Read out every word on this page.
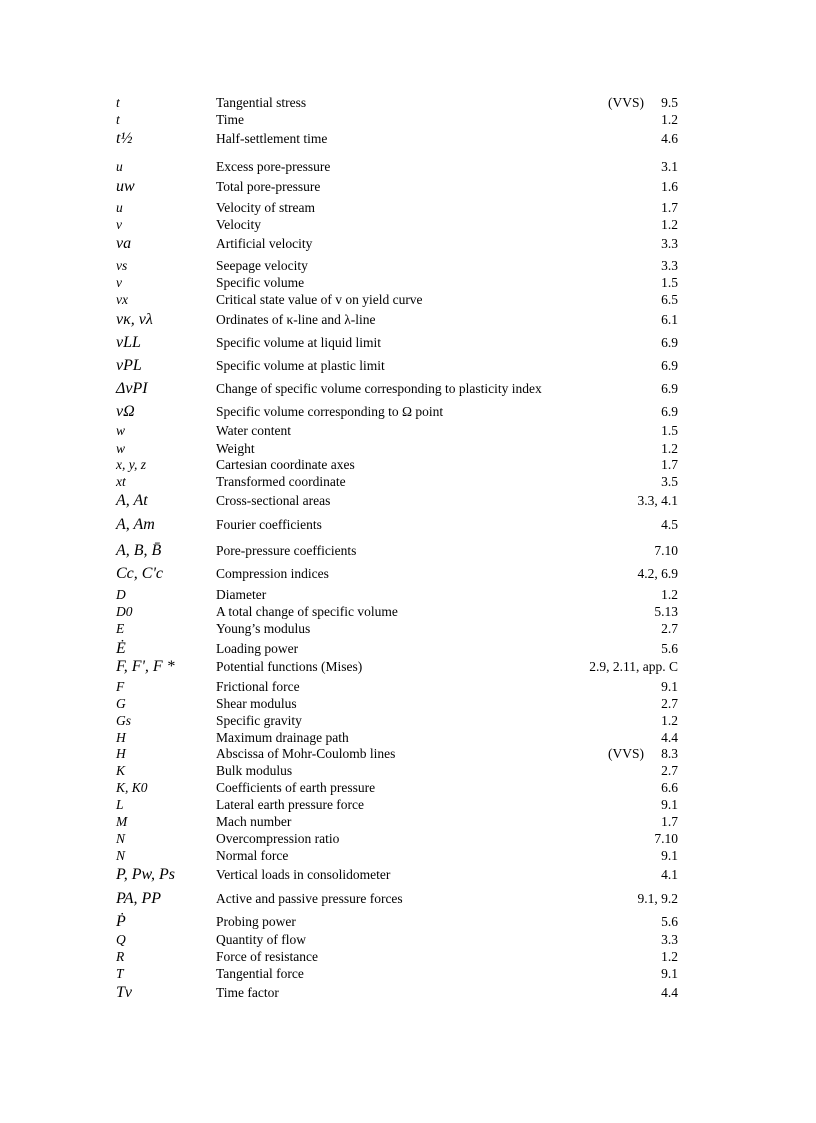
t	Tangential stress	(VVS) 9.5
t	Time	1.2
t½	Half-settlement time	4.6
u	Excess pore-pressure	3.1
uw	Total pore-pressure	1.6
u	Velocity of stream	1.7
v	Velocity	1.2
va	Artificial velocity	3.3
vs	Seepage velocity	3.3
v	Specific volume	1.5
vx	Critical state value of v on yield curve	6.5
vκ, vλ	Ordinates of κ-line and λ-line	6.1
vLL	Specific volume at liquid limit	6.9
vPL	Specific volume at plastic limit	6.9
ΔvPI	Change of specific volume corresponding to plasticity index	6.9
vΩ	Specific volume corresponding to Ω point	6.9
w	Water content	1.5
w	Weight	1.2
x, y, z	Cartesian coordinate axes	1.7
xt	Transformed coordinate	3.5
A, At	Cross-sectional areas	3.3, 4.1
A, Am	Fourier coefficients	4.5
A, B, B̄	Pore-pressure coefficients	7.10
Cc, C'c	Compression indices	4.2, 6.9
D	Diameter	1.2
D0	A total change of specific volume	5.13
E	Young’s modulus	2.7
Ė	Loading power	5.6
F, F', F *	Potential functions (Mises)	2.9, 2.11, app. C
F	Frictional force	9.1
G	Shear modulus	2.7
Gs	Specific gravity	1.2
H	Maximum drainage path	4.4
H	Abscissa of Mohr-Coulomb lines	(VVS) 8.3
K	Bulk modulus	2.7
K, K0	Coefficients of earth pressure	6.6
L	Lateral earth pressure force	9.1
M	Mach number	1.7
N	Overcompression ratio	7.10
N	Normal force	9.1
P, Pw, Ps	Vertical loads in consolidometer	4.1
PA, PP	Active and passive pressure forces	9.1, 9.2
Ṗ	Probing power	5.6
Q	Quantity of flow	3.3
R	Force of resistance	1.2
T	Tangential force	9.1
Tv	Time factor	4.4
